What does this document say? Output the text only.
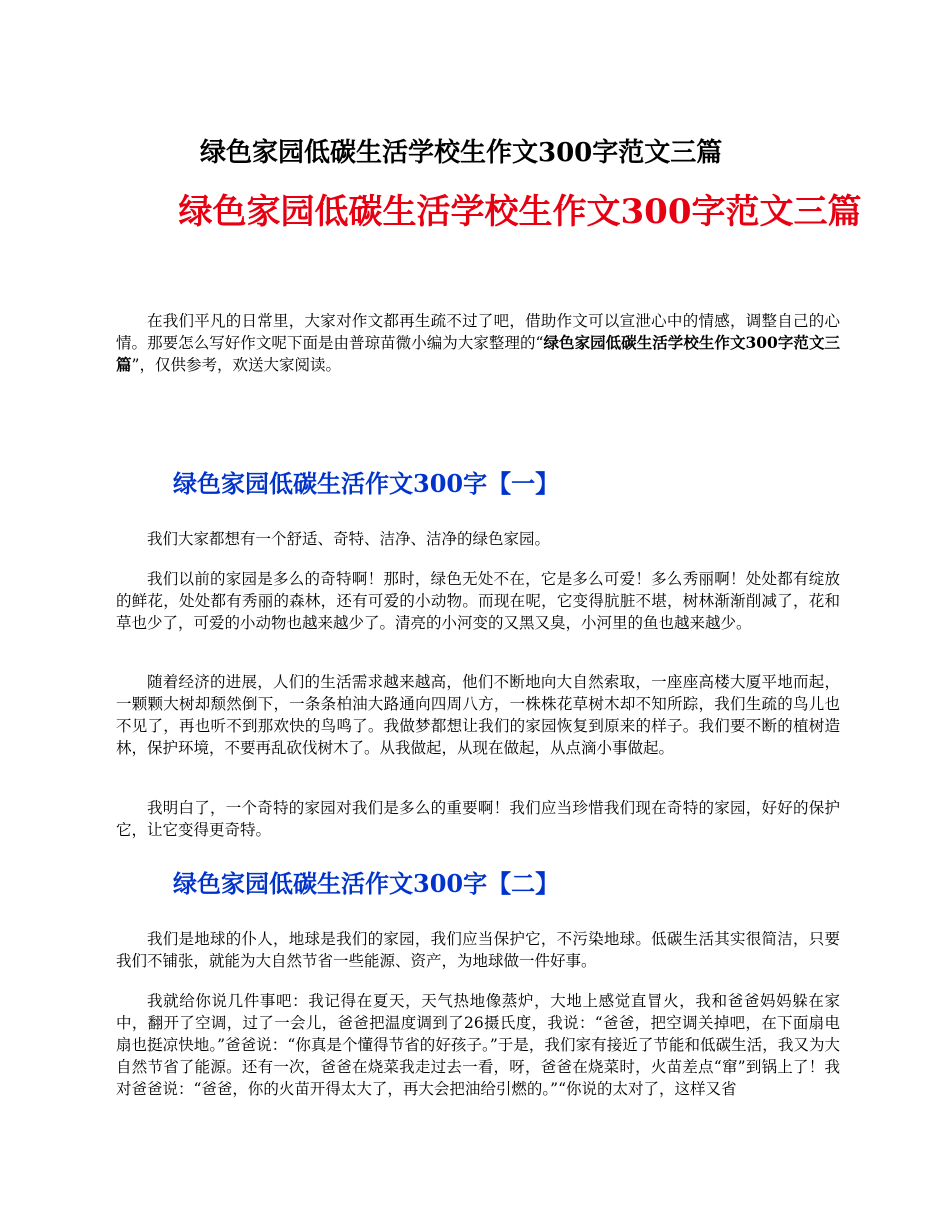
绿色家园低碳生活学校生作文300字范文三篇
绿色家园低碳生活学校生作文300字范文三篇

在我们平凡的日常里，大家对作文都再生疏不过了吧，借助作文可以宣泄心中的情感，调整自己的心情。那要怎么写好作文呢下面是由普琼苗微小编为大家整理的“绿色家园低碳生活学校生作文300字范文三篇”，仅供参考，欢送大家阅读。

绿色家园低碳生活作文300字【一】

我们大家都想有一个舒适、奇特、洁净、洁净的绿色家园。

我们以前的家园是多么的奇特啊！那时，绿色无处不在，它是多么可爱！多么秀丽啊！处处都有绽放的鲜花，处处都有秀丽的森林，还有可爱的小动物。而现在呢，它变得肮脏不堪，树林渐渐削减了，花和草也少了，可爱的小动物也越来越少了。清亮的小河变的又黑又臭，小河里的鱼也越来越少。

随着经济的进展，人们的生活需求越来越高，他们不断地向大自然索取，一座座高楼大厦平地而起，一颗颗大树却颓然倒下，一条条柏油大路通向四周八方，一株株花草树木却不知所踪，我们生疏的鸟儿也不见了，再也听不到那欢快的鸟鸣了。我做梦都想让我们的家园恢复到原来的样子。我们要不断的植树造林，保护环境，不要再乱砍伐树木了。从我做起，从现在做起，从点滴小事做起。

我明白了，一个奇特的家园对我们是多么的重要啊！我们应当珍惜我们现在奇特的家园，好好的保护它，让它变得更奇特。

绿色家园低碳生活作文300字【二】

我们是地球的仆人，地球是我们的家园，我们应当保护它，不污染地球。低碳生活其实很简洁，只要我们不铺张，就能为大自然节省一些能源、资产，为地球做一件好事。

我就给你说几件事吧：我记得在夏天，天气热地像蒸炉，大地上感觉直冒火，我和爸爸妈妈躲在家中，翻开了空调，过了一会儿，爸爸把温度调到了26摄氏度，我说：“爸爸，把空调关掉吧，在下面扇电扇也挺凉快地。”爸爸说：“你真是个懂得节省的好孩子。”于是，我们家有接近了节能和低碳生活，我又为大自然节省了能源。还有一次，爸爸在烧菜我走过去一看，呀，爸爸在烧菜时，火苗差点“窜”到锅上了！我对爸爸说：“爸爸，你的火苗开得太大了，再大会把油给引燃的。”“你说的太对了，这样又省
